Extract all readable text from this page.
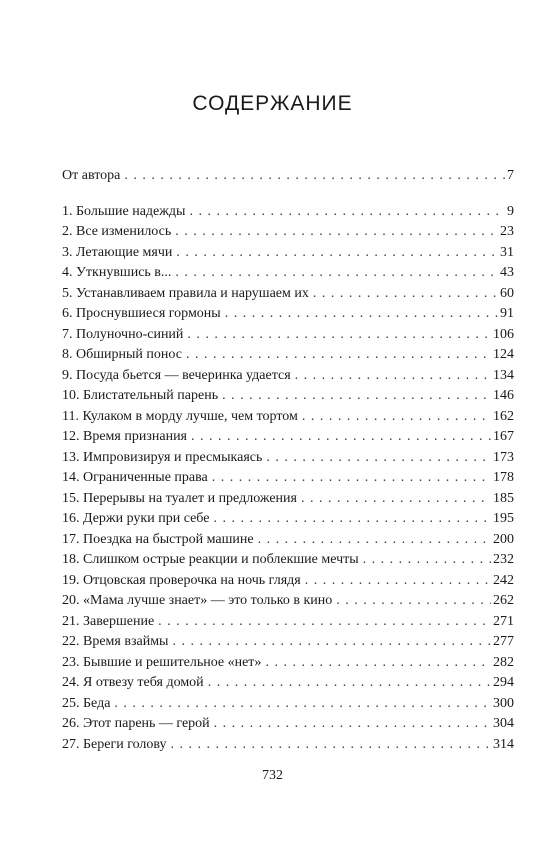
СОДЕРЖАНИЕ
От автора . . .	7
1. Большие надежды . . .	9
2. Все изменилось . . .	23
3. Летающие мячи . . .	31
4. Уткнувшись в... . . .	43
5. Устанавливаем правила и нарушаем их . . .	60
6. Проснувшиеся гормоны . . .	91
7. Полуночно-синий . . .	106
8. Обширный понос . . .	124
9. Посуда бьется — вечеринка удается . . .	134
10. Блистательный парень . . .	146
11. Кулаком в морду лучше, чем тортом . . .	162
12. Время признания . . .	167
13. Импровизируя и пресмыкаясь . . .	173
14. Ограниченные права . . .	178
15. Перерывы на туалет и предложения . . .	185
16. Держи руки при себе . . .	195
17. Поездка на быстрой машине . . .	200
18. Слишком острые реакции и поблекшие мечты . . .	232
19. Отцовская проверочка на ночь глядя . . .	242
20. «Мама лучше знает» — это только в кино . . .	262
21. Завершение . . .	271
22. Время взаймы . . .	277
23. Бывшие и решительное «нет» . . .	282
24. Я отвезу тебя домой . . .	294
25. Беда . . .	300
26. Этот парень — герой . . .	304
27. Береги голову . . .	314
732
